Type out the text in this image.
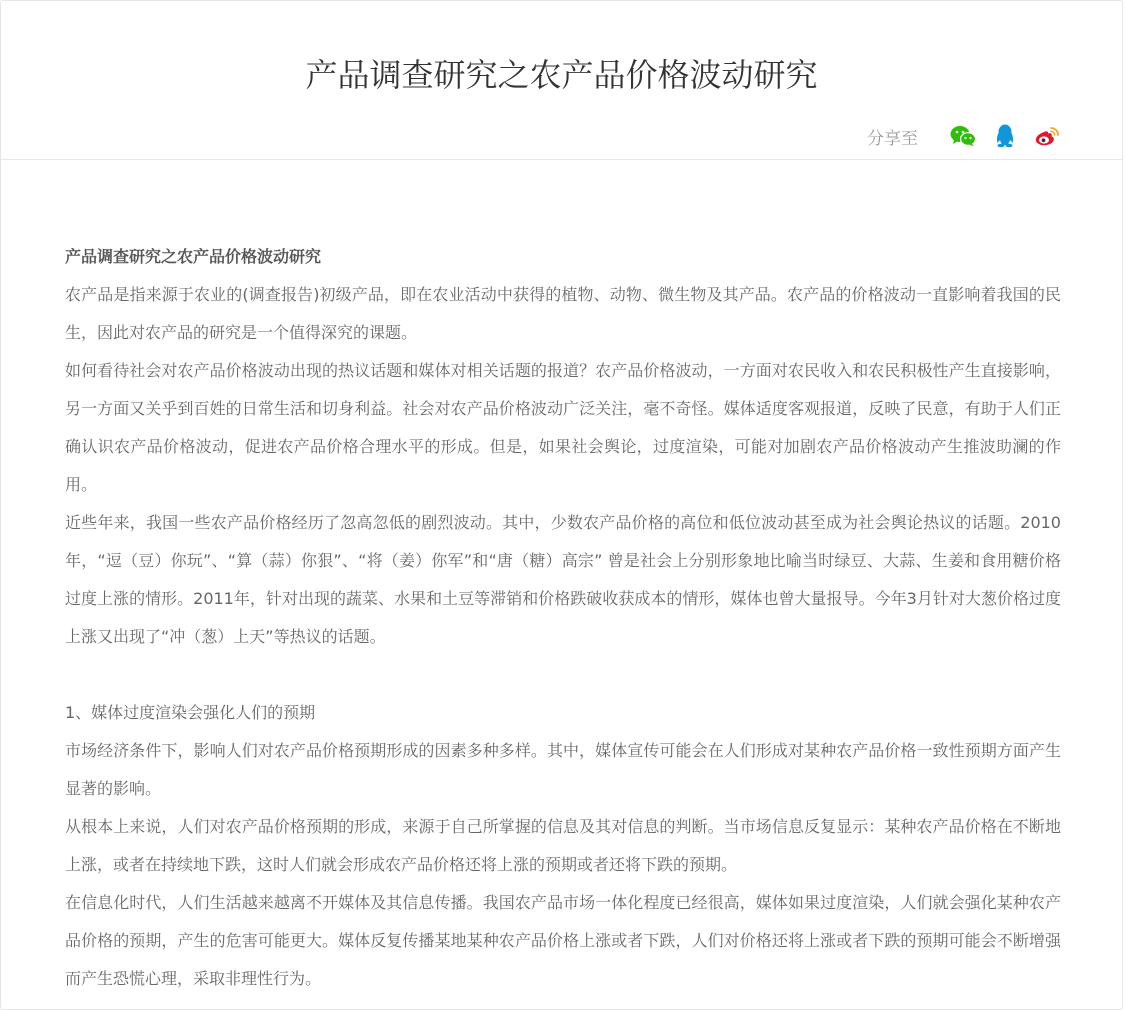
产品调查研究之农产品价格波动研究
分享至

产品调查研究之农产品价格波动研究

农产品是指来源于农业的(调查报告)初级产品，即在农业活动中获得的植物、动物、微生物及其产品。农产品的价格波动一直影响着我国的民生，因此对农产品的研究是一个值得深究的课题。

如何看待社会对农产品价格波动出现的热议话题和媒体对相关话题的报道？农产品价格波动，一方面对农民收入和农民积极性产生直接影响，另一方面又关乎到百姓的日常生活和切身利益。社会对农产品价格波动广泛关注，毫不奇怪。媒体适度客观报道，反映了民意，有助于人们正确认识农产品价格波动，促进农产品价格合理水平的形成。但是，如果社会舆论，过度渲染，可能对加剧农产品价格波动产生推波助澜的作用。

近些年来，我国一些农产品价格经历了忽高忽低的剧烈波动。其中，少数农产品价格的高位和低位波动甚至成为社会舆论热议的话题。2010年，“逗（豆）你玩”、“算（蒜）你狠”、“将（姜）你军”和“唐（糖）高宗” 曾是社会上分别形象地比喻当时绿豆、大蒜、生姜和食用糖价格过度上涨的情形。2011年，针对出现的蔬菜、水果和土豆等滞销和价格跌破收获成本的情形，媒体也曾大量报导。今年3月针对大葱价格过度上涨又出现了“冲（葱）上天”等热议的话题。

1、媒体过度渲染会强化人们的预期

市场经济条件下，影响人们对农产品价格预期形成的因素多种多样。其中，媒体宣传可能会在人们形成对某种农产品价格一致性预期方面产生显著的影响。

从根本上来说，人们对农产品价格预期的形成，来源于自己所掌握的信息及其对信息的判断。当市场信息反复显示：某种农产品价格在不断地上涨，或者在持续地下跌，这时人们就会形成农产品价格还将上涨的预期或者还将下跌的预期。

在信息化时代，人们生活越来越离不开媒体及其信息传播。我国农产品市场一体化程度已经很高，媒体如果过度渲染，人们就会强化某种农产品价格的预期，产生的危害可能更大。媒体反复传播某地某种农产品价格上涨或者下跌，人们对价格还将上涨或者下跌的预期可能会不断增强而产生恐慌心理，采取非理性行为。
